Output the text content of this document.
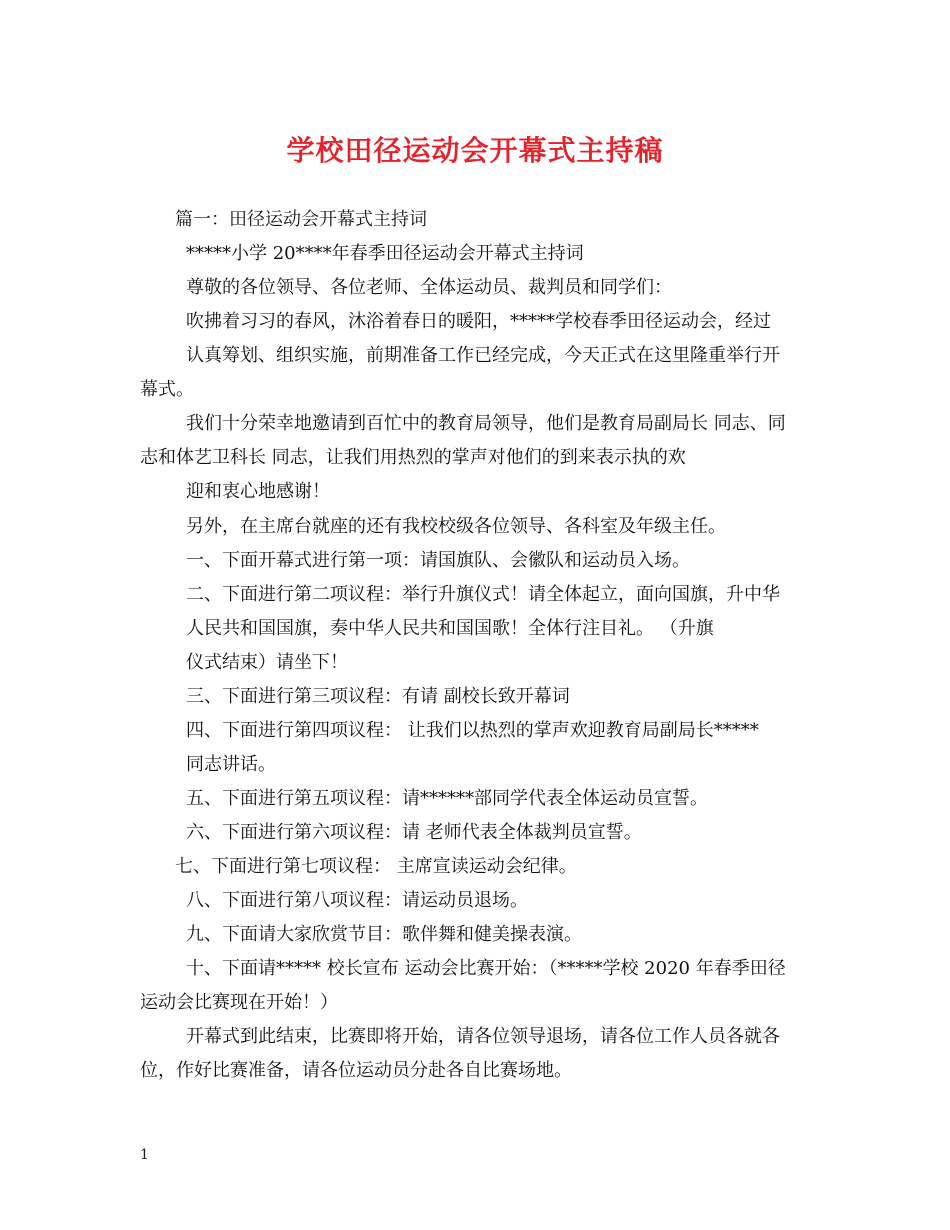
学校田径运动会开幕式主持稿
篇一：田径运动会开幕式主持词
*****小学 20****年春季田径运动会开幕式主持词
尊敬的各位领导、各位老师、全体运动员、裁判员和同学们：
吹拂着习习的春风，沐浴着春日的暖阳，*****学校春季田径运动会，经过
认真筹划、组织实施，前期准备工作已经完成，今天正式在这里隆重举行开
幕式。
我们十分荣幸地邀请到百忙中的教育局领导，他们是教育局副局长 同志、同
志和体艺卫科长 同志，让我们用热烈的掌声对他们的到来表示执的欢
迎和衷心地感谢！
另外，在主席台就座的还有我校校级各位领导、各科室及年级主任。
一、下面开幕式进行第一项：请国旗队、会徽队和运动员入场。
二、下面进行第二项议程：举行升旗仪式！请全体起立，面向国旗，升中华
人民共和国国旗，奏中华人民共和国国歌！全体行注目礼。 （升旗
仪式结束）请坐下！
三、下面进行第三项议程：有请 副校长致开幕词
四、下面进行第四项议程： 让我们以热烈的掌声欢迎教育局副局长*****
同志讲话。
五、下面进行第五项议程：请******部同学代表全体运动员宣誓。
六、下面进行第六项议程：请 老师代表全体裁判员宣誓。
七、下面进行第七项议程： 主席宣读运动会纪律。
八、下面进行第八项议程：请运动员退场。
九、下面请大家欣赏节目：歌伴舞和健美操表演。
十、下面请***** 校长宣布 运动会比赛开始：（*****学校 2020 年春季田径
运动会比赛现在开始！）
开幕式到此结束，比赛即将开始，请各位领导退场，请各位工作人员各就各
位，作好比赛准备，请各位运动员分赴各自比赛场地。
1
